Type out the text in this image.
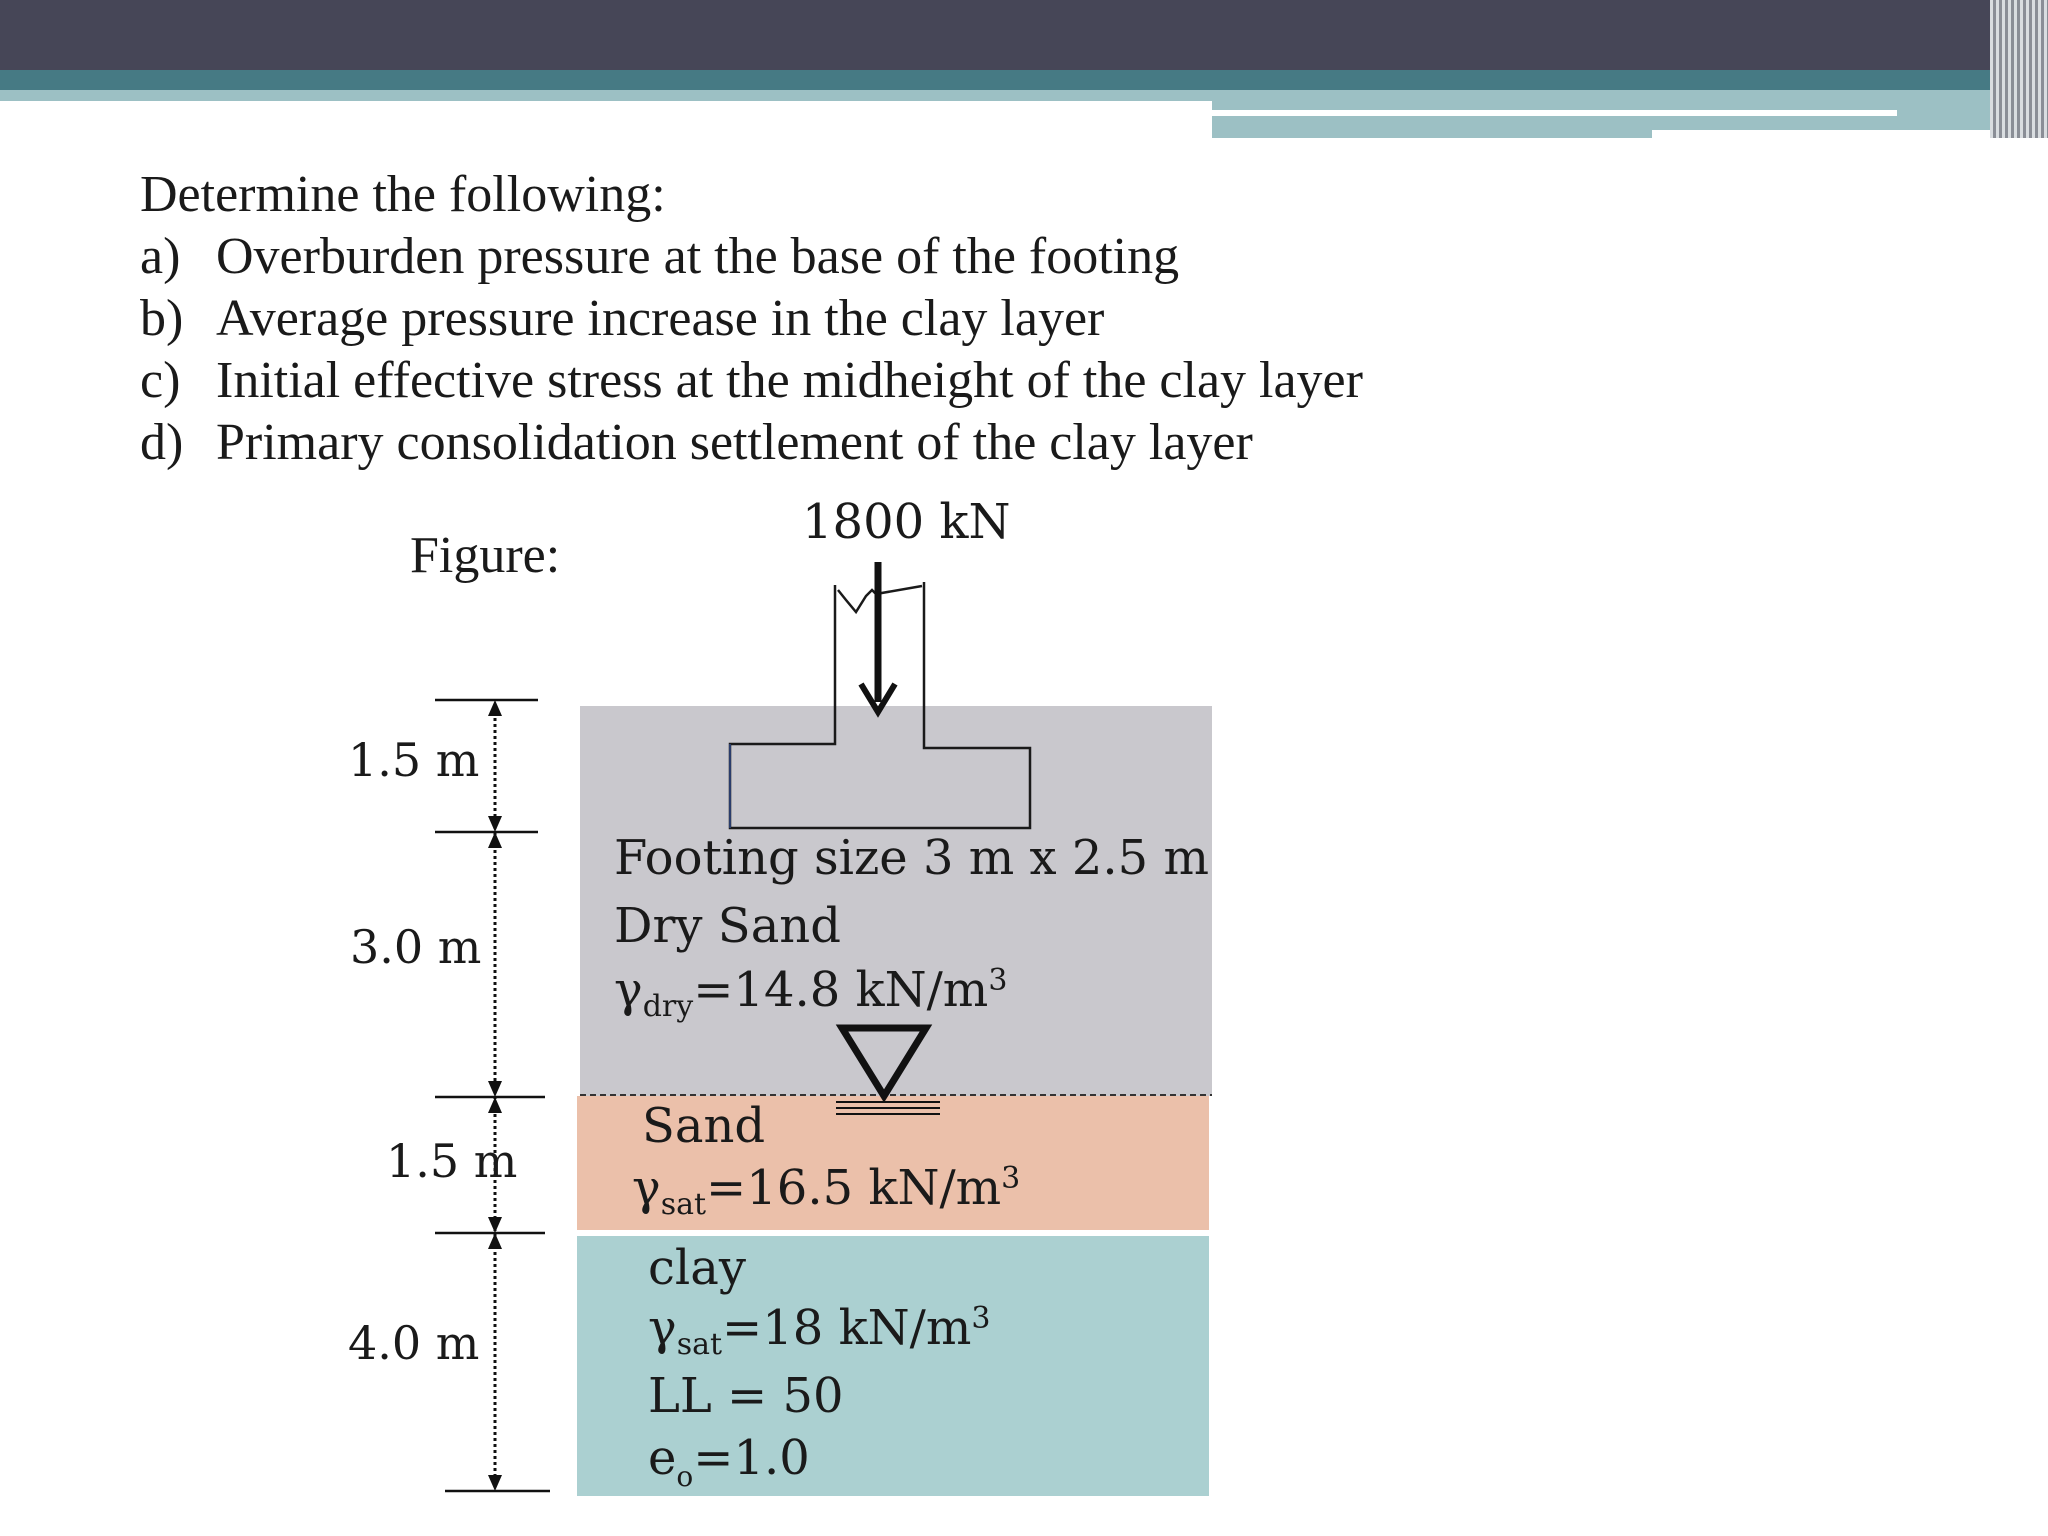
Determine the following:
a) Overburden pressure at the base of the footing
b) Average pressure increase in the clay layer
c) Initial effective stress at the midheight of the clay layer
d) Primary consolidation settlement of the clay layer
Figure:
1800 kN
1.5 m
3.0 m
1.5 m
4.0 m
Footing size 3 m x 2.5 m
Dry Sand
$\gamma_{dry}=14.8$ $kN/m^3$
Sand
$\gamma_{sat}=16.5$ $kN/m^3$
clay
$\gamma_{sat}=18$ $kN/m^3$
LL = 50
$e_o=1.0$
